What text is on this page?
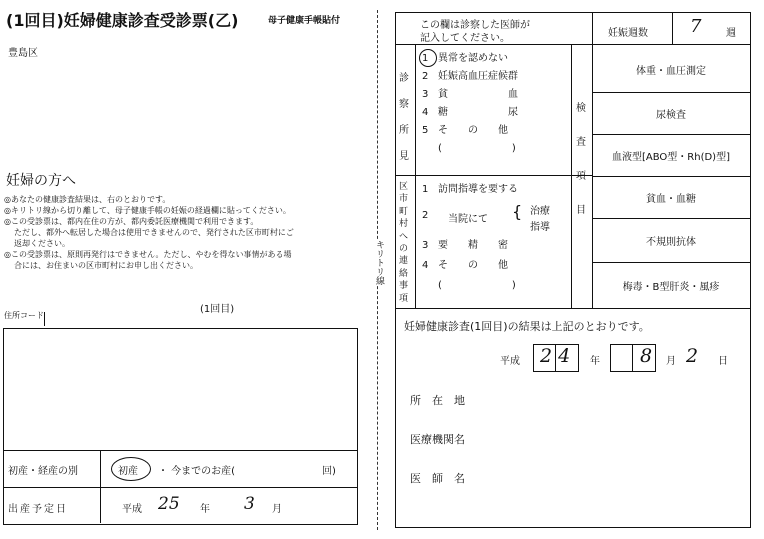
(1回目)妊婦健康診査受診票(乙)	母子健康手帳貼付
豊島区
妊婦の方へ
◎あなたの健康診査結果は、右のとおりです。
◎キリトリ線から切り離して、母子健康手帳の妊娠の経過欄に貼ってください。
◎この受診票は、都内在住の方が、都内委託医療機関で利用できます。
ただし、都外へ転居した場合は使用できませんので、発行された区市町村にご
返却ください。
◎この受診票は、原則再発行はできません。ただし、やむを得ない事情がある場
合には、お住まいの区市町村にお申し出ください。
住所コード
(1回目)
初産・経産の別	初産 ・ 今までのお産(	回)
出産予定日	平成 25 年 3 月
キリトリ線
この欄は診察した医師が
記入してください。	妊娠週数 7 週
診
察
所
見
1 異常を認めない
2 妊娠高血圧症候群
3 貧　　　　　　血
4 糖　　　　　　尿
5 そ　　の　　他
(　　　　　　　)
区
市
町
村
へ
の
連
絡
事
項
1 訪問指導を要する
2	当院にて { 治療
指導
3 要　　精　　密
4 そ　　の　　他
(　　　　　　　)
検
査
項
目
体重・血圧測定
尿検査
血液型[ABO型・Rh(D)型]
貧血・血糖
不規則抗体
梅毒・B型肝炎・風疹
妊婦健康診査(1回目)の結果は上記のとおりです。
平成 24 年 8 月 2 日
所　在　地
医療機関名
医　師　名
